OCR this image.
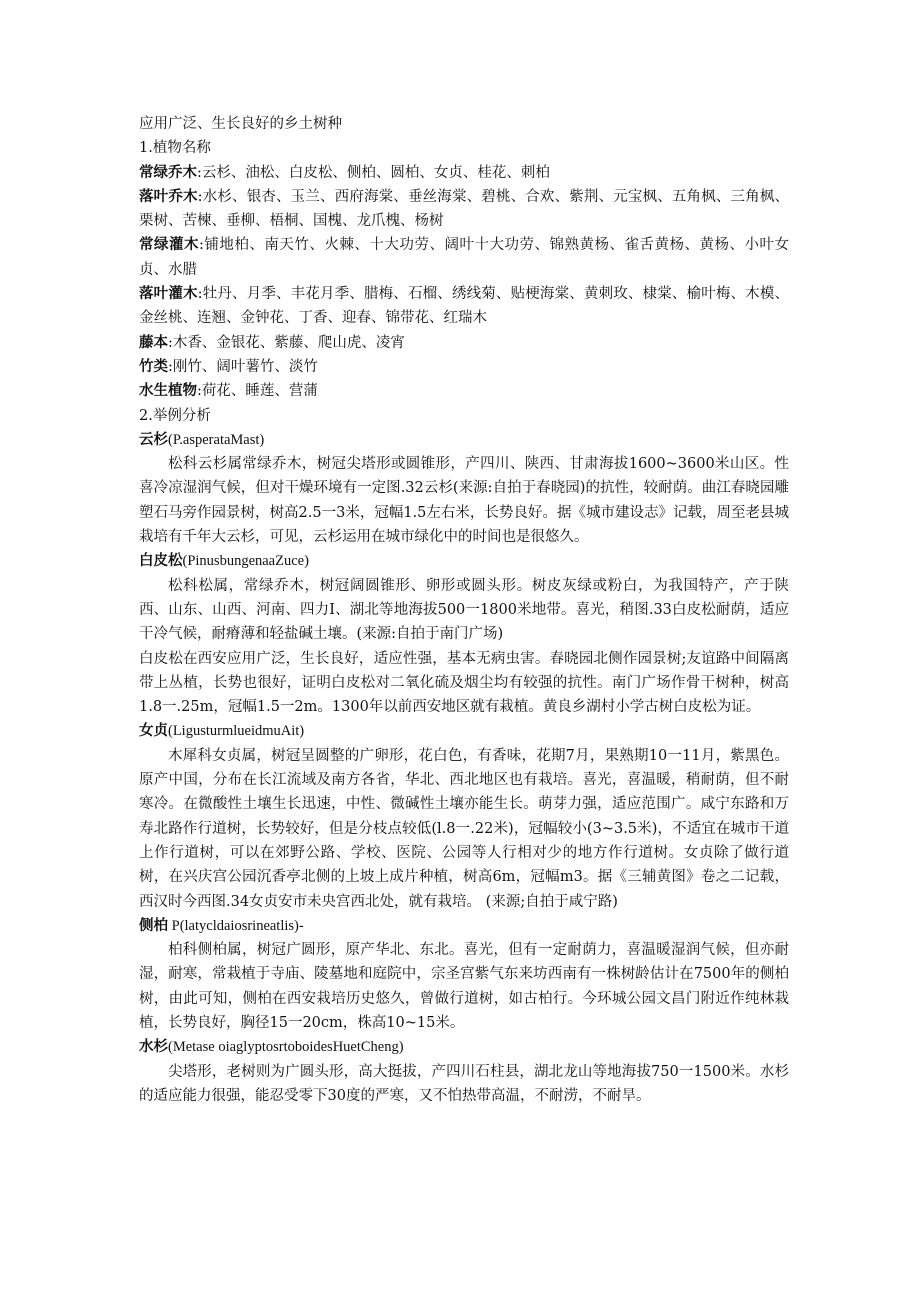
应用广泛、生长良好的乡土树种
1.植物名称
常绿乔木:云杉、油松、白皮松、侧柏、圆柏、女贞、桂花、刺柏
落叶乔木:水杉、银杏、玉兰、西府海棠、垂丝海棠、碧桃、合欢、紫荆、元宝枫、五角枫、三角枫、栗树、苦楝、垂柳、梧桐、国槐、龙爪槐、杨树
常绿灌木:铺地柏、南天竹、火棘、十大功劳、阔叶十大功劳、锦熟黄杨、雀舌黄杨、黄杨、小叶女贞、水腊
落叶灌木:牡丹、月季、丰花月季、腊梅、石榴、绣线菊、贴梗海棠、黄刺玫、棣棠、榆叶梅、木模、金丝桃、连翘、金钟花、丁香、迎春、锦带花、红瑞木
藤本:木香、金银花、紫藤、爬山虎、凌宵
竹类:刚竹、阔叶薯竹、淡竹
水生植物:荷花、睡莲、营蒲
2.举例分析
云杉(P.asperataMast)

松科云杉属常绿乔木，树冠尖塔形或圆锥形，产四川、陕西、甘肃海拔1600~3600米山区。性喜冷凉湿润气候，但对干燥环境有一定图.32云杉(来源:自拍于春晓园)的抗性，较耐荫。曲江春晓园雕塑石马旁作园景树，树高2.5一3米，冠幅1.5左右米，长势良好。据《城市建设志》记载，周至老县城栽培有千年大云杉，可见，云杉运用在城市绿化中的时间也是很悠久。

白皮松(PinusbungenaaZuce)

松科松属，常绿乔木，树冠阔圆锥形、卵形或圆头形。树皮灰绿或粉白，为我国特产，产于陕西、山东、山西、河南、四力I、湖北等地海拔500一1800米地带。喜光，稍图.33白皮松耐荫，适应干冷气候，耐瘠薄和轻盐碱土壤。(来源:自拍于南门广场)

白皮松在西安应用广泛，生长良好，适应性强，基本无病虫害。春晓园北侧作园景树;友谊路中间隔离带上丛植，长势也很好，证明白皮松对二氧化硫及烟尘均有较强的抗性。南门广场作骨干树种，树高1.8一.25m，冠幅1.5一2m。1300年以前西安地区就有栽植。黄良乡湖村小学古树白皮松为证。

女贞(LigusturmlueidmuAit)

木犀科女贞属，树冠呈圆整的广卵形，花白色，有香味，花期7月，果熟期10一11月，紫黑色。原产中国，分布在长江流域及南方各省，华北、西北地区也有栽培。喜光，喜温暖，稍耐荫，但不耐寒冷。在微酸性土壤生长迅速，中性、微碱性土壤亦能生长。萌芽力强，适应范围广。咸宁东路和万寿北路作行道树，长势较好，但是分枝点较低(l.8一.22米)，冠幅较小(3~3.5米)，不适宜在城市干道上作行道树，可以在郊野公路、学校、医院、公园等人行相对少的地方作行道树。女贞除了做行道树，在兴庆宫公园沉香亭北侧的上坡上成片种植，树高6m，冠幅m3。据《三辅黄图》卷之二记载，西汉时今西图.34女贞安市未央宫西北处，就有栽培。 (来源;自拍于咸宁路)

侧柏 P(latycldaiosrineatlis)-

柏科侧柏属，树冠广圆形，原产华北、东北。喜光，但有一定耐荫力，喜温暖湿润气候，但亦耐湿，耐寒，常栽植于寺庙、陵墓地和庭院中，宗圣宫紫气东来坊西南有一株树龄估计在7500年的侧柏树，由此可知，侧柏在西安栽培历史悠久，曾做行道树，如古柏行。今环城公园文昌门附近作纯林栽植，长势良好，胸径15一20cm，株高10~15米。

水杉(Metase oiaglyptosrtoboidesHuetCheng)

尖塔形，老树则为广圆头形，高大挺拔，产四川石柱县，湖北龙山等地海拔750一1500米。水杉的适应能力很强，能忍受零下30度的严寒，又不怕热带高温，不耐涝，不耐旱。
